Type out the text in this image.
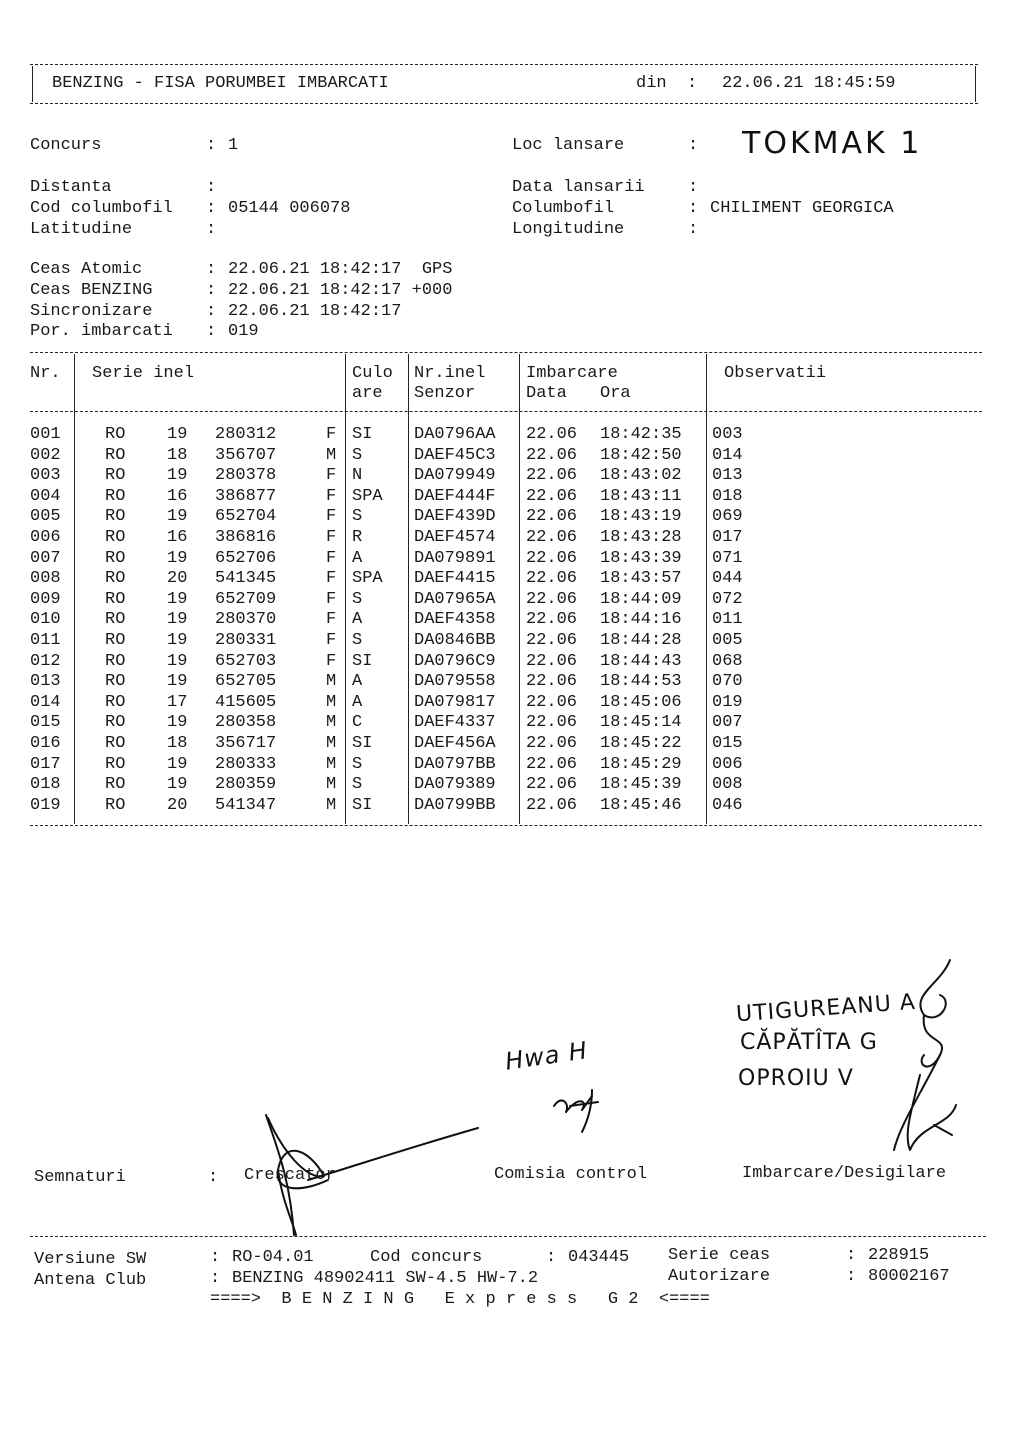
BENZING - FISA PORUMBEI IMBARCATI	din : 22.06.21 18:45:59
Concurs	: 1	Loc lansare	: TOKMAK 1
Distanta	:	Data lansarii	:
Cod columbofil : 05144 006078	Columbofil	: CHILIMENT GEORGICA
Latitudine	:	Longitudine	:
Ceas Atomic	: 22.06.21 18:42:17  GPS
Ceas BENZING	: 22.06.21 18:42:17 +000
Sincronizare	: 22.06.21 18:42:17
Por. imbarcati : 019
Nr. Serie inel	Culo
are
Nr.inel
Senzor
Imbarcare
Data Ora
Observatii
001	RO 19 280312	F SI DA0796AA 22.06 18:42:35 003
002	RO 18 356707	M S	DAEF45C3 22.06 18:42:50 014
003	RO 19 280378	F N	DA079949 22.06 18:43:02 013
004	RO 16 386877	F SPA DAEF444F 22.06 18:43:11 018
005	RO 19 652704	F S	DAEF439D 22.06 18:43:19 069
006	RO 16 386816	F R	DAEF4574 22.06 18:43:28 017
007	RO 19 652706	F A	DA079891 22.06 18:43:39 071
008	RO 20 541345	F SPA DAEF4415 22.06 18:43:57 044
009	RO 19 652709	F S	DA07965A 22.06 18:44:09 072
010	RO 19 280370	F A	DAEF4358 22.06 18:44:16 011
011	RO 19 280331	F S	DA0846BB 22.06 18:44:28 005
012	RO 19 652703	F SI DA0796C9 22.06 18:44:43 068
013	RO 19 652705	M A	DA079558 22.06 18:44:53 070
014	RO 17 415605	M A	DA079817 22.06 18:45:06 019
015	RO 19 280358	M C	DAEF4337 22.06 18:45:14 007
016	RO 18 356717	M SI DAEF456A 22.06 18:45:22 015
017	RO 19 280333	M S	DA0797BB 22.06 18:45:29 006
018	RO 19 280359	M S	DA079389 22.06 18:45:39 008
019	RO 20 541347	M SI DA0799BB 22.06 18:45:46 046
Hwa H
UTIGUREANU A
CĂPĂTÎTA G
OPROIU V
Semnaturi	: Crescator	Comisia control	Imbarcare/Desigilare
Versiune SW	: RO-04.01	Cod concurs	: 043445 Serie ceas	: 228915
Antena Club	: BENZING 48902411 SW-4.5 HW-7.2	Autorizare	: 80002167
====>  B E N Z I N G   E x p r e s s   G 2  <====
